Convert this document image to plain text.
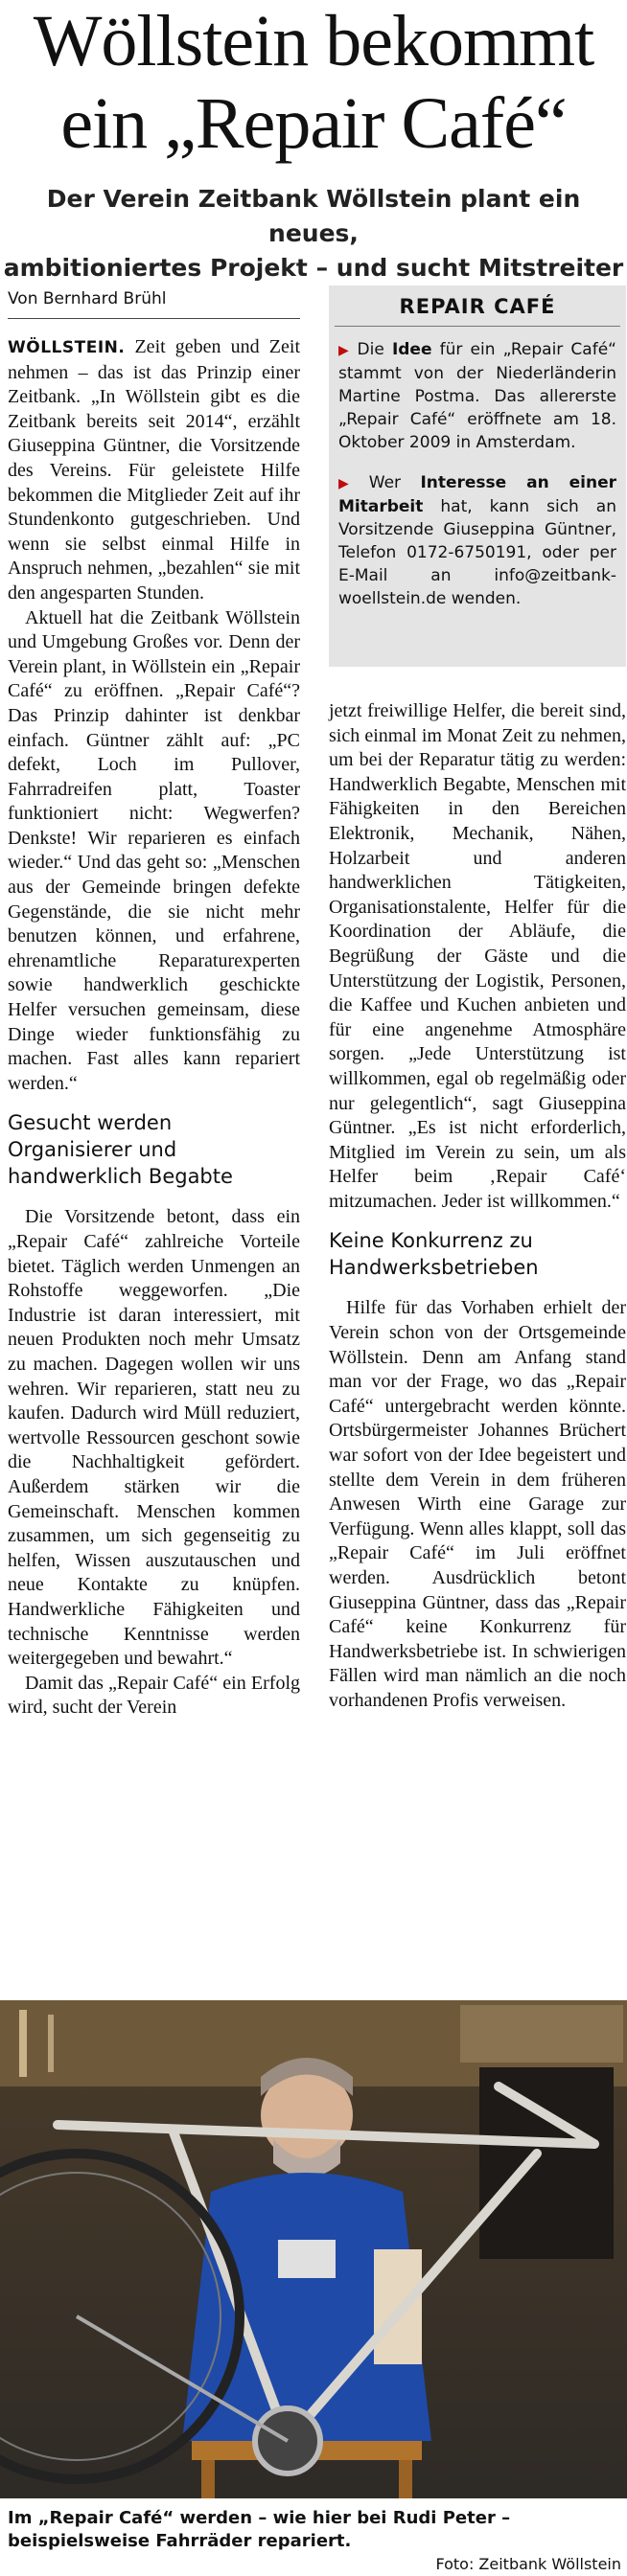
Wöllstein bekommt
ein „Repair Café“
Der Verein Zeitbank Wöllstein plant ein neues,
ambitioniertes Projekt – und sucht Mitstreiter
Von Bernhard Brühl

WÖLLSTEIN. Zeit geben und Zeit nehmen – das ist das Prinzip einer Zeitbank. „In Wöllstein gibt es die Zeitbank bereits seit 2014“, erzählt Giuseppina Güntner, die Vorsitzende des Vereins. Für geleistete Hilfe bekommen die Mitglieder Zeit auf ihr Stundenkonto gutgeschrieben. Und wenn sie selbst einmal Hilfe in Anspruch nehmen, „bezahlen“ sie mit den angesparten Stunden.

Aktuell hat die Zeitbank Wöllstein und Umgebung Großes vor. Denn der Verein plant, in Wöllstein ein „Repair Café“ zu eröffnen. „Repair Café“? Das Prinzip dahinter ist denkbar einfach. Güntner zählt auf: „PC defekt, Loch im Pullover, Fahrradreifen platt, Toaster funktioniert nicht: Wegwerfen? Denkste! Wir reparieren es einfach wieder.“ Und das geht so: „Menschen aus der Gemeinde bringen defekte Gegenstände, die sie nicht mehr benutzen können, und erfahrene, ehrenamtliche Reparaturexperten sowie handwerklich geschickte Helfer versuchen gemeinsam, diese Dinge wieder funktionsfähig zu machen. Fast alles kann repariert werden.“

Gesucht werden Organisierer und handwerklich Begabte

Die Vorsitzende betont, dass ein „Repair Café“ zahlreiche Vorteile bietet. Täglich werden Unmengen an Rohstoffe weggeworfen. „Die Industrie ist daran interessiert, mit neuen Produkten noch mehr Umsatz zu machen. Dagegen wollen wir uns wehren. Wir reparieren, statt neu zu kaufen. Dadurch wird Müll reduziert, wertvolle Ressourcen geschont sowie die Nachhaltigkeit gefördert. Außerdem stärken wir die Gemeinschaft. Menschen kommen zusammen, um sich gegenseitig zu helfen, Wissen auszutauschen und neue Kontakte zu knüpfen. Handwerkliche Fähigkeiten und technische Kenntnisse werden weitergegeben und bewahrt.“

Damit das „Repair Café“ ein Erfolg wird, sucht der Verein

REPAIR CAFÉ

▶ Die Idee für ein „Repair Café“ stammt von der Niederländerin Martine Postma. Das allererste „Repair Café“ eröffnete am 18. Oktober 2009 in Amsterdam.

▶ Wer Interesse an einer Mitarbeit hat, kann sich an Vorsitzende Giuseppina Güntner, Telefon 0172-6750191, oder per E-Mail an info@zeitbank-woellstein.de wenden.

jetzt freiwillige Helfer, die bereit sind, sich einmal im Monat Zeit zu nehmen, um bei der Reparatur tätig zu werden: Handwerklich Begabte, Menschen mit Fähigkeiten in den Bereichen Elektronik, Mechanik, Nähen, Holzarbeit und anderen handwerklichen Tätigkeiten, Organisationstalente, Helfer für die Koordination der Abläufe, die Begrüßung der Gäste und die Unterstützung der Logistik, Personen, die Kaffee und Kuchen anbieten und für eine angenehme Atmosphäre sorgen. „Jede Unterstützung ist willkommen, egal ob regelmäßig oder nur gelegentlich“, sagt Giuseppina Güntner. „Es ist nicht erforderlich, Mitglied im Verein zu sein, um als Helfer beim ‚Repair Café‘ mitzumachen. Jeder ist willkommen.“

Keine Konkurrenz zu Handwerksbetrieben

Hilfe für das Vorhaben erhielt der Verein schon von der Ortsgemeinde Wöllstein. Denn am Anfang stand man vor der Frage, wo das „Repair Café“ untergebracht werden könnte. Ortsbürgermeister Johannes Brüchert war sofort von der Idee begeistert und stellte dem Verein in dem früheren Anwesen Wirth eine Garage zur Verfügung. Wenn alles klappt, soll das „Repair Café“ im Juli eröffnet werden. Ausdrücklich betont Giuseppina Güntner, dass das „Repair Café“ keine Konkurrenz für Handwerksbetriebe ist. In schwierigen Fällen wird man nämlich an die noch vorhandenen Profis verweisen.

Im „Repair Café“ werden – wie hier bei Rudi Peter – beispielsweise Fahrräder repariert.
Foto: Zeitbank Wöllstein
